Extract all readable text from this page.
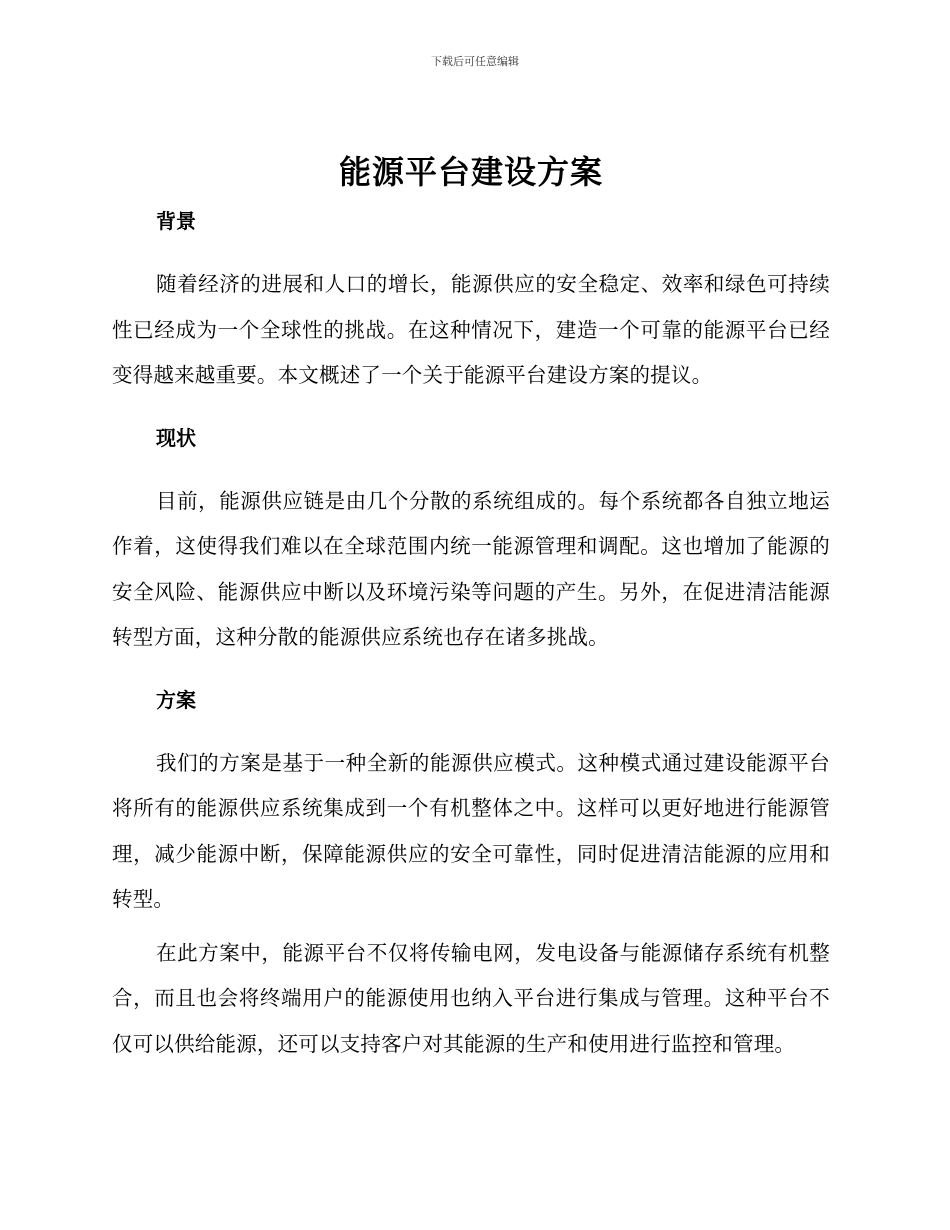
下载后可任意编辑
能源平台建设方案
背景

随着经济的进展和人口的增长，能源供应的安全稳定、效率和绿色可持续性已经成为一个全球性的挑战。在这种情况下，建造一个可靠的能源平台已经变得越来越重要。本文概述了一个关于能源平台建设方案的提议。

现状

目前，能源供应链是由几个分散的系统组成的。每个系统都各自独立地运作着，这使得我们难以在全球范围内统一能源管理和调配。这也增加了能源的安全风险、能源供应中断以及环境污染等问题的产生。另外，在促进清洁能源转型方面，这种分散的能源供应系统也存在诸多挑战。

方案

我们的方案是基于一种全新的能源供应模式。这种模式通过建设能源平台将所有的能源供应系统集成到一个有机整体之中。这样可以更好地进行能源管理，减少能源中断，保障能源供应的安全可靠性，同时促进清洁能源的应用和转型。

在此方案中，能源平台不仅将传输电网，发电设备与能源储存系统有机整合，而且也会将终端用户的能源使用也纳入平台进行集成与管理。这种平台不仅可以供给能源，还可以支持客户对其能源的生产和使用进行监控和管理。
